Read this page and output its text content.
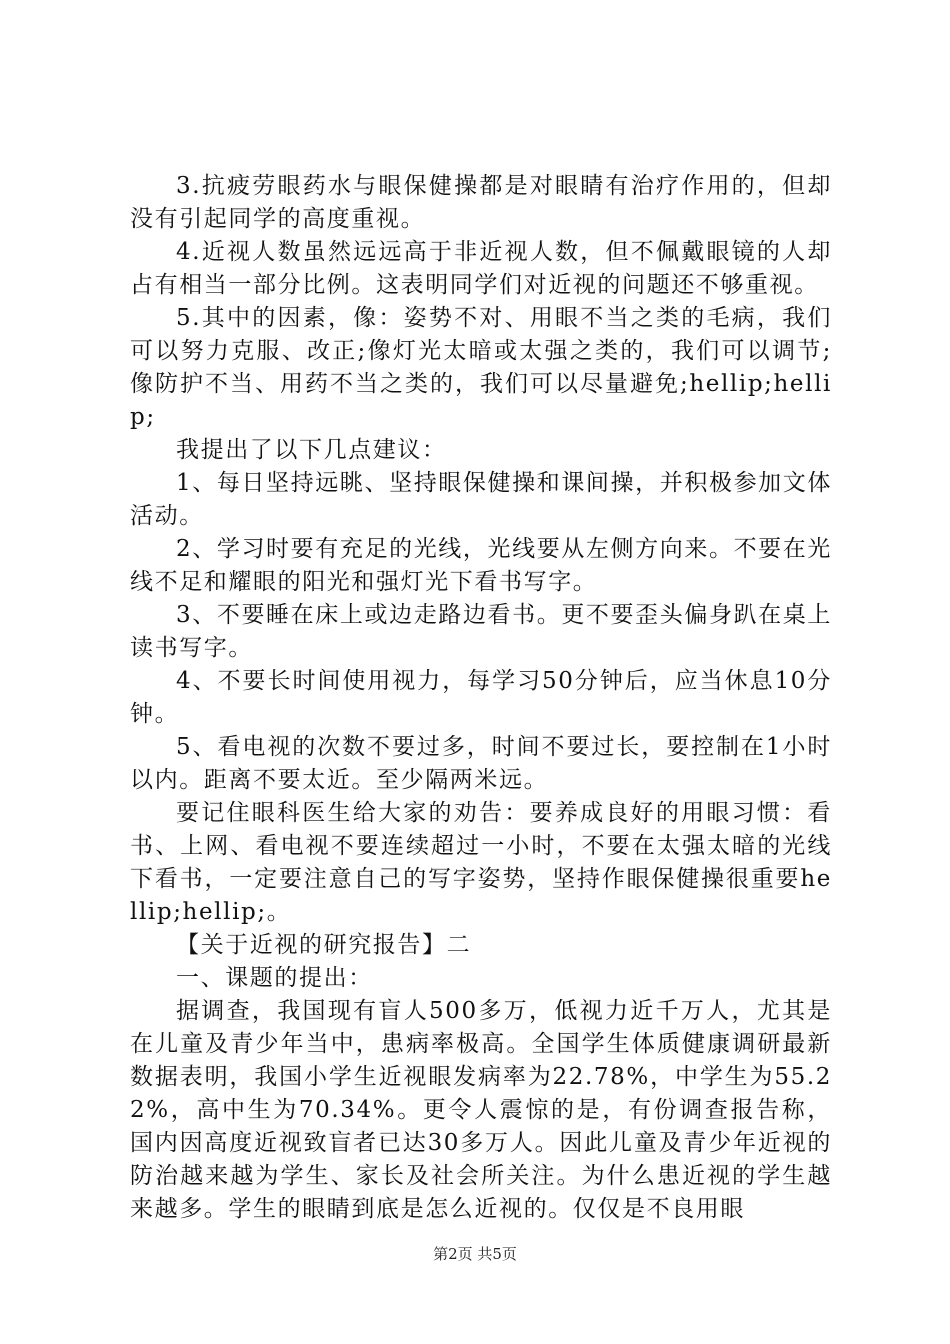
3.抗疲劳眼药水与眼保健操都是对眼睛有治疗作用的，但却没有引起同学的高度重视。

4.近视人数虽然远远高于非近视人数，但不佩戴眼镜的人却占有相当一部分比例。这表明同学们对近视的问题还不够重视。

5.其中的因素，像：姿势不对、用眼不当之类的毛病，我们可以努力克服、改正;像灯光太暗或太强之类的，我们可以调节;像防护不当、用药不当之类的，我们可以尽量避免;hellip;hellip;

我提出了以下几点建议：

1、每日坚持远眺、坚持眼保健操和课间操，并积极参加文体活动。

2、学习时要有充足的光线，光线要从左侧方向来。不要在光线不足和耀眼的阳光和强灯光下看书写字。

3、不要睡在床上或边走路边看书。更不要歪头偏身趴在桌上读书写字。

4、不要长时间使用视力，每学习50分钟后，应当休息10分钟。

5、看电视的次数不要过多，时间不要过长，要控制在1小时以内。距离不要太近。至少隔两米远。

要记住眼科医生给大家的劝告：要养成良好的用眼习惯：看书、上网、看电视不要连续超过一小时，不要在太强太暗的光线下看书，一定要注意自己的写字姿势，坚持作眼保健操很重要hellip;hellip;。

【关于近视的研究报告】二

一、课题的提出：

据调查，我国现有盲人500多万，低视力近千万人，尤其是在儿童及青少年当中，患病率极高。全国学生体质健康调研最新数据表明，我国小学生近视眼发病率为22.78%，中学生为55.22%，高中生为70.34%。更令人震惊的是，有份调查报告称，国内因高度近视致盲者已达30多万人。因此儿童及青少年近视的防治越来越为学生、家长及社会所关注。为什么患近视的学生越来越多。学生的眼睛到底是怎么近视的。仅仅是不良用眼

第2页 共5页
